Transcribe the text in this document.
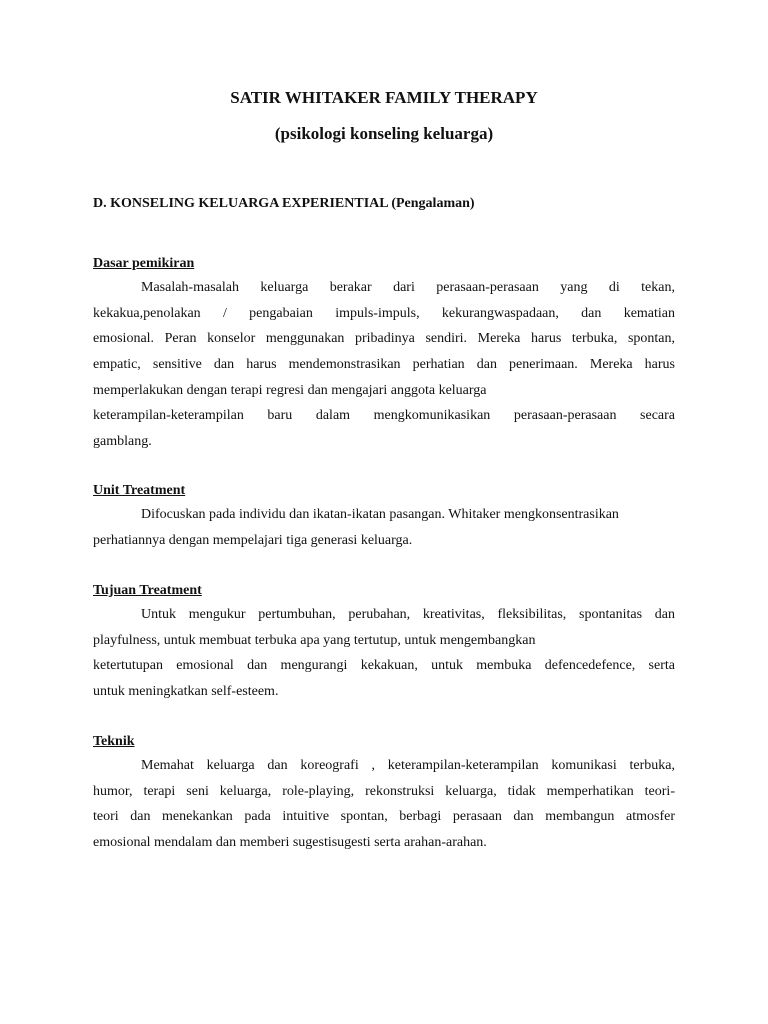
SATIR WHITAKER FAMILY THERAPY
(psikologi konseling keluarga)
D. KONSELING KELUARGA EXPERIENTIAL (Pengalaman)
Dasar pemikiran
Masalah-masalah keluarga berakar dari perasaan-perasaan yang di tekan,
kekakua,penolakan / pengabaian impuls-impuls, kekurangwaspadaan, dan kematian
emosional. Peran konselor menggunakan pribadinya sendiri. Mereka harus terbuka, spontan,
empatic, sensitive dan harus mendemonstrasikan perhatian dan penerimaan. Mereka harus
memperlakukan dengan terapi regresi dan mengajari anggota keluarga
keterampilan-keterampilan baru dalam mengkomunikasikan perasaan-perasaan secara
gamblang.
Unit Treatment
Difocuskan pada individu dan ikatan-ikatan pasangan. Whitaker mengkonsentrasikan
perhatiannya dengan mempelajari tiga generasi keluarga.
Tujuan Treatment
Untuk mengukur pertumbuhan, perubahan, kreativitas, fleksibilitas, spontanitas dan
playfulness, untuk membuat terbuka apa yang tertutup, untuk mengembangkan
ketertutupan emosional dan mengurangi kekakuan, untuk membuka defencedefence, serta
untuk meningkatkan self-esteem.
Teknik
Memahat keluarga dan koreografi , keterampilan-keterampilan komunikasi terbuka,
humor, terapi seni keluarga, role-playing, rekonstruksi keluarga, tidak memperhatikan teori-
teori dan menekankan pada intuitive spontan, berbagi perasaan dan membangun atmosfer
emosional mendalam dan memberi sugestisugesti serta arahan-arahan.
